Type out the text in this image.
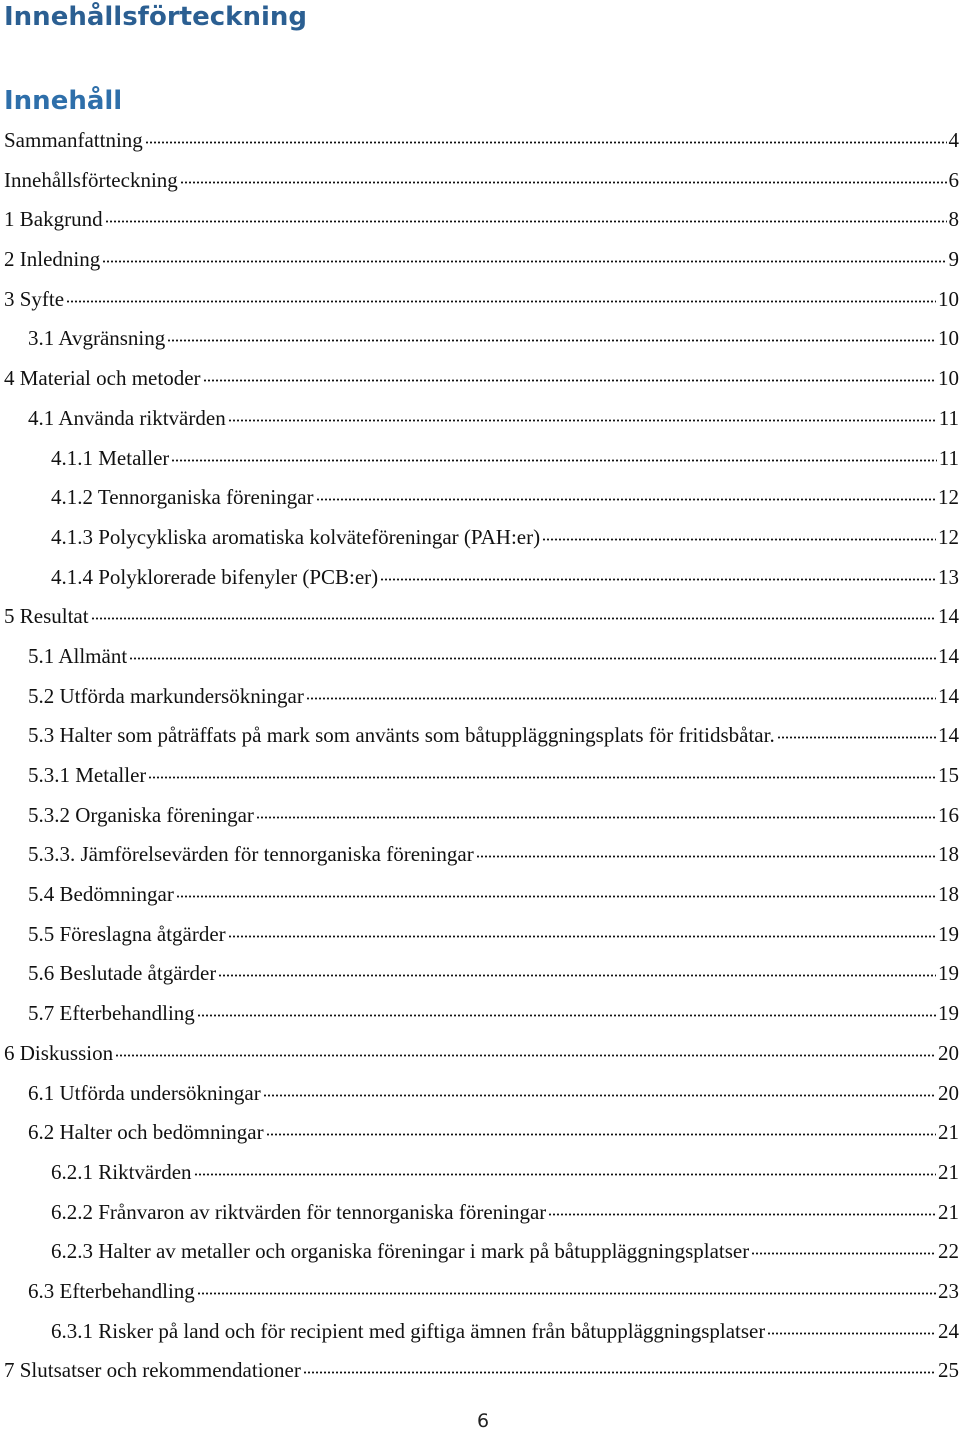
Innehållsförteckning
Innehåll
Sammanfattning	4
Innehållsförteckning	6
1 Bakgrund	8
2 Inledning	9
3 Syfte	10
3.1 Avgränsning	10
4 Material och metoder	10
4.1 Använda riktvärden	11
4.1.1 Metaller	11
4.1.2 Tennorganiska föreningar	12
4.1.3 Polycykliska aromatiska kolväteföreningar (PAH:er)	12
4.1.4 Polyklorerade bifenyler (PCB:er)	13
5 Resultat	14
5.1 Allmänt	14
5.2 Utförda markundersökningar	14
5.3 Halter som påträffats på mark som använts som båtuppläggningsplats för fritidsbåtar.	14
5.3.1 Metaller	15
5.3.2 Organiska föreningar	16
5.3.3. Jämförelsevärden för tennorganiska föreningar	18
5.4 Bedömningar	18
5.5 Föreslagna åtgärder	19
5.6 Beslutade åtgärder	19
5.7 Efterbehandling	19
6 Diskussion	20
6.1 Utförda undersökningar	20
6.2 Halter och bedömningar	21
6.2.1 Riktvärden	21
6.2.2 Frånvaron av riktvärden för tennorganiska föreningar	21
6.2.3 Halter av metaller och organiska föreningar i mark på båtuppläggningsplatser	22
6.3 Efterbehandling	23
6.3.1 Risker på land och för recipient med giftiga ämnen från båtuppläggningsplatser	24
7 Slutsatser och rekommendationer	25
6
